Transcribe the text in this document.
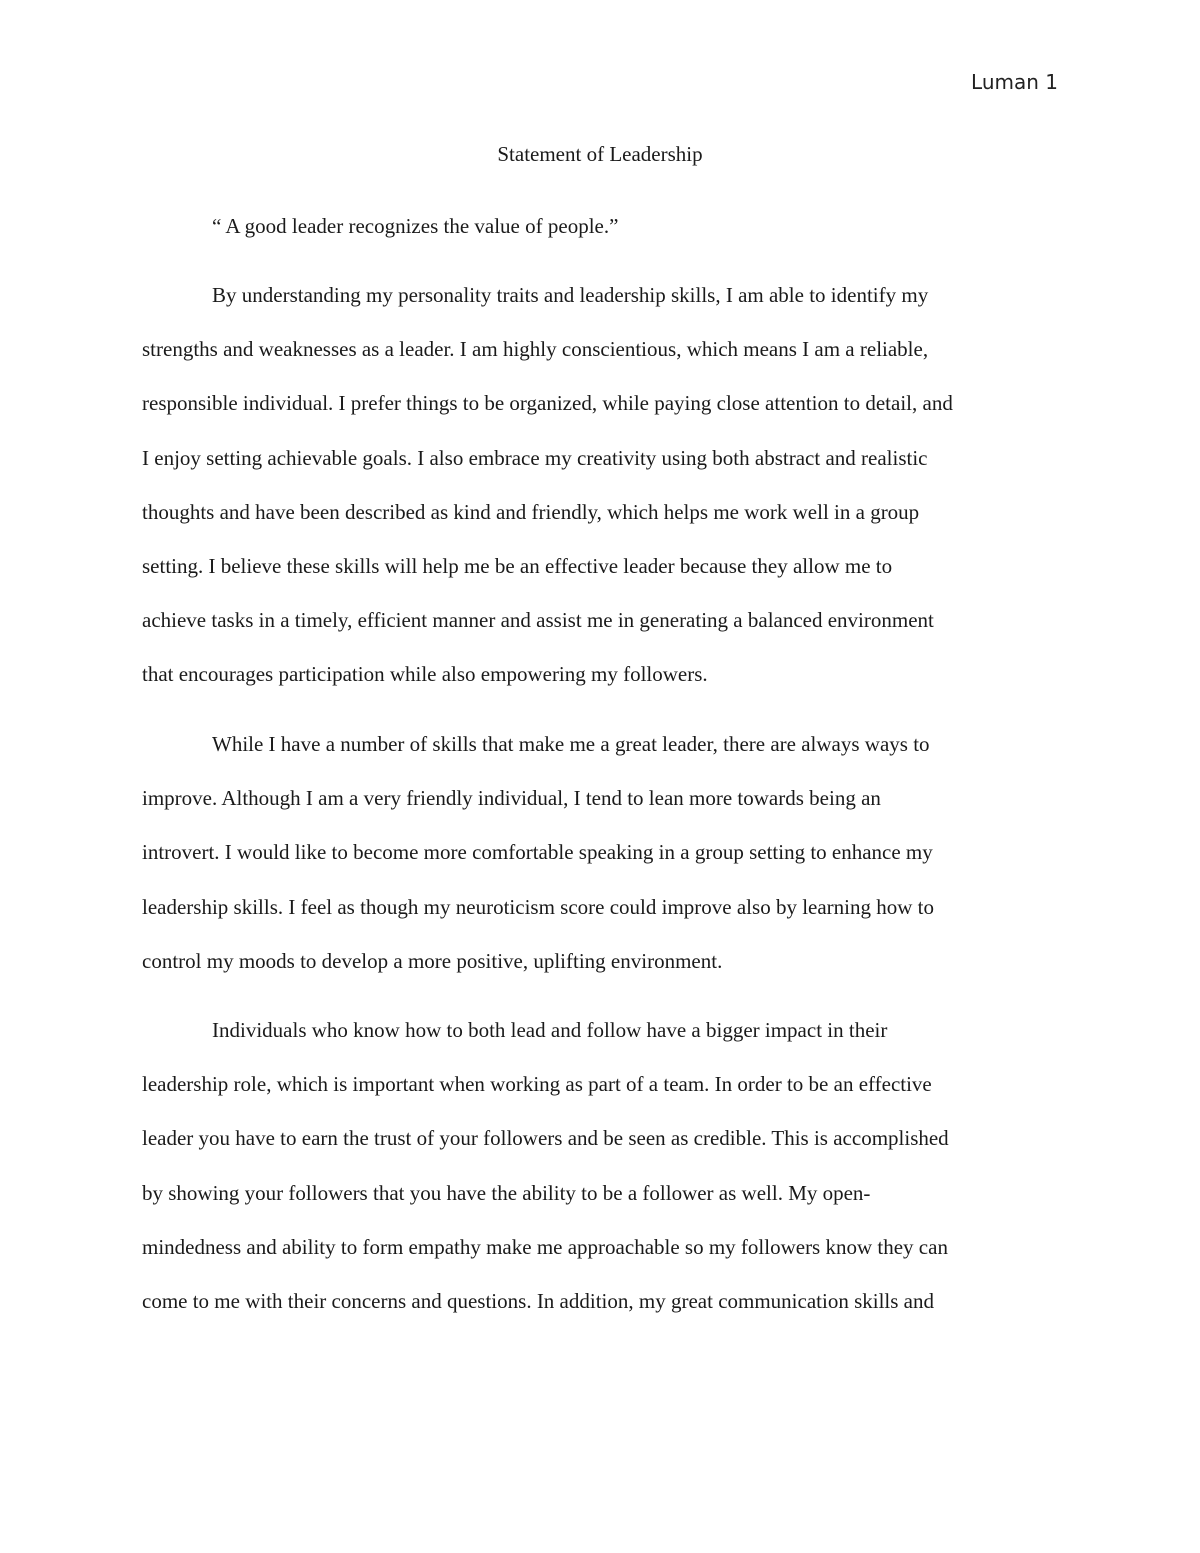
Luman 1
Statement of Leadership
“ A good leader recognizes the value of people.”
By understanding my personality traits and leadership skills, I am able to identify my
strengths and weaknesses as a leader. I am highly conscientious, which means I am a reliable,
responsible individual. I prefer things to be organized, while paying close attention to detail, and
I enjoy setting achievable goals. I also embrace my creativity using both abstract and realistic
thoughts and have been described as kind and friendly, which helps me work well in a group
setting. I believe these skills will help me be an effective leader because they allow me to
achieve tasks in a timely, efficient manner and assist me in generating a balanced environment
that encourages participation while also empowering my followers.
While I have a number of skills that make me a great leader, there are always ways to
improve. Although I am a very friendly individual, I tend to lean more towards being an
introvert. I would like to become more comfortable speaking in a group setting to enhance my
leadership skills. I feel as though my neuroticism score could improve also by learning how to
control my moods to develop a more positive, uplifting environment.
Individuals who know how to both lead and follow have a bigger impact in their
leadership role, which is important when working as part of a team. In order to be an effective
leader you have to earn the trust of your followers and be seen as credible. This is accomplished
by showing your followers that you have the ability to be a follower as well. My open-
mindedness and ability to form empathy make me approachable so my followers know they can
come to me with their concerns and questions. In addition, my great communication skills and
